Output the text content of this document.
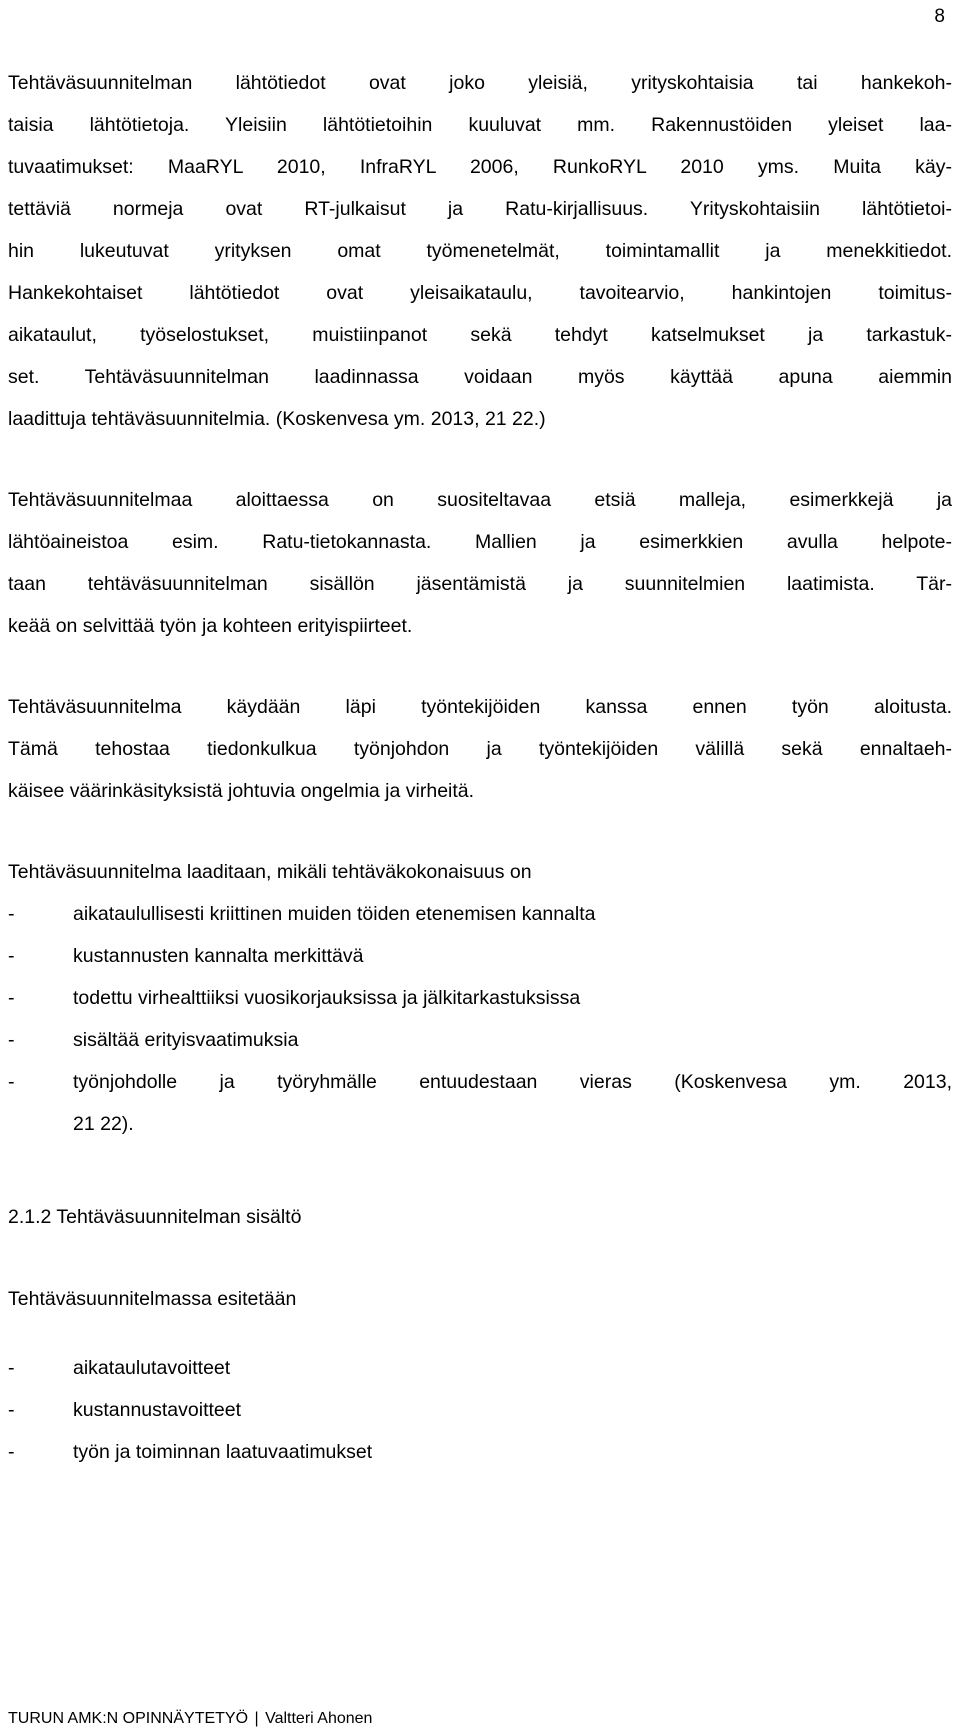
8
Tehtäväsuunnitelman lähtötiedot ovat joko yleisiä, yrityskohtaisia tai hankekoh-
taisia lähtötietoja. Yleisiin lähtötietoihin kuuluvat mm. Rakennustöiden yleiset laa-
tuvaatimukset: MaaRYL 2010, InfraRYL 2006, RunkoRYL 2010 yms. Muita käy-
tettäviä normeja ovat RT-julkaisut ja Ratu-kirjallisuus. Yrityskohtaisiin lähtötietoi-
hin lukeutuvat yrityksen omat työmenetelmät, toimintamallit ja menekkitiedot.
Hankekohtaiset lähtötiedot ovat yleisaikataulu, tavoitearvio, hankintojen toimitus-
aikataulut, työselostukset, muistiinpanot sekä tehdyt katselmukset ja tarkastuk-
set. Tehtäväsuunnitelman laadinnassa voidaan myös käyttää apuna aiemmin
laadittuja tehtäväsuunnitelmia. (Koskenvesa ym. 2013, 21 22.)
Tehtäväsuunnitelmaa aloittaessa on suositeltavaa etsiä malleja, esimerkkejä ja
lähtöaineistoa esim. Ratu-tietokannasta. Mallien ja esimerkkien avulla helpote-
taan tehtäväsuunnitelman sisällön jäsentämistä ja suunnitelmien laatimista. Tär-
keää on selvittää työn ja kohteen erityispiirteet.
Tehtäväsuunnitelma käydään läpi työntekijöiden kanssa ennen työn aloitusta.
Tämä tehostaa tiedonkulkua työnjohdon ja työntekijöiden välillä sekä ennaltaeh-
käisee väärinkäsityksistä johtuvia ongelmia ja virheitä.
Tehtäväsuunnitelma laaditaan, mikäli tehtäväkokonaisuus on
-	aikataulullisesti kriittinen muiden töiden etenemisen kannalta
-	kustannusten kannalta merkittävä
-	todettu virhealttiiksi vuosikorjauksissa ja jälkitarkastuksissa
-	sisältää erityisvaatimuksia
-	työnjohdolle ja työryhmälle entuudestaan vieras (Koskenvesa ym. 2013,
21 22).
2.1.2 Tehtäväsuunnitelman sisältö
Tehtäväsuunnitelmassa esitetään
-	aikataulutavoitteet
-	kustannustavoitteet
-	työn ja toiminnan laatuvaatimukset
TURUN AMK:N OPINNÄYTETYÖ | Valtteri Ahonen
